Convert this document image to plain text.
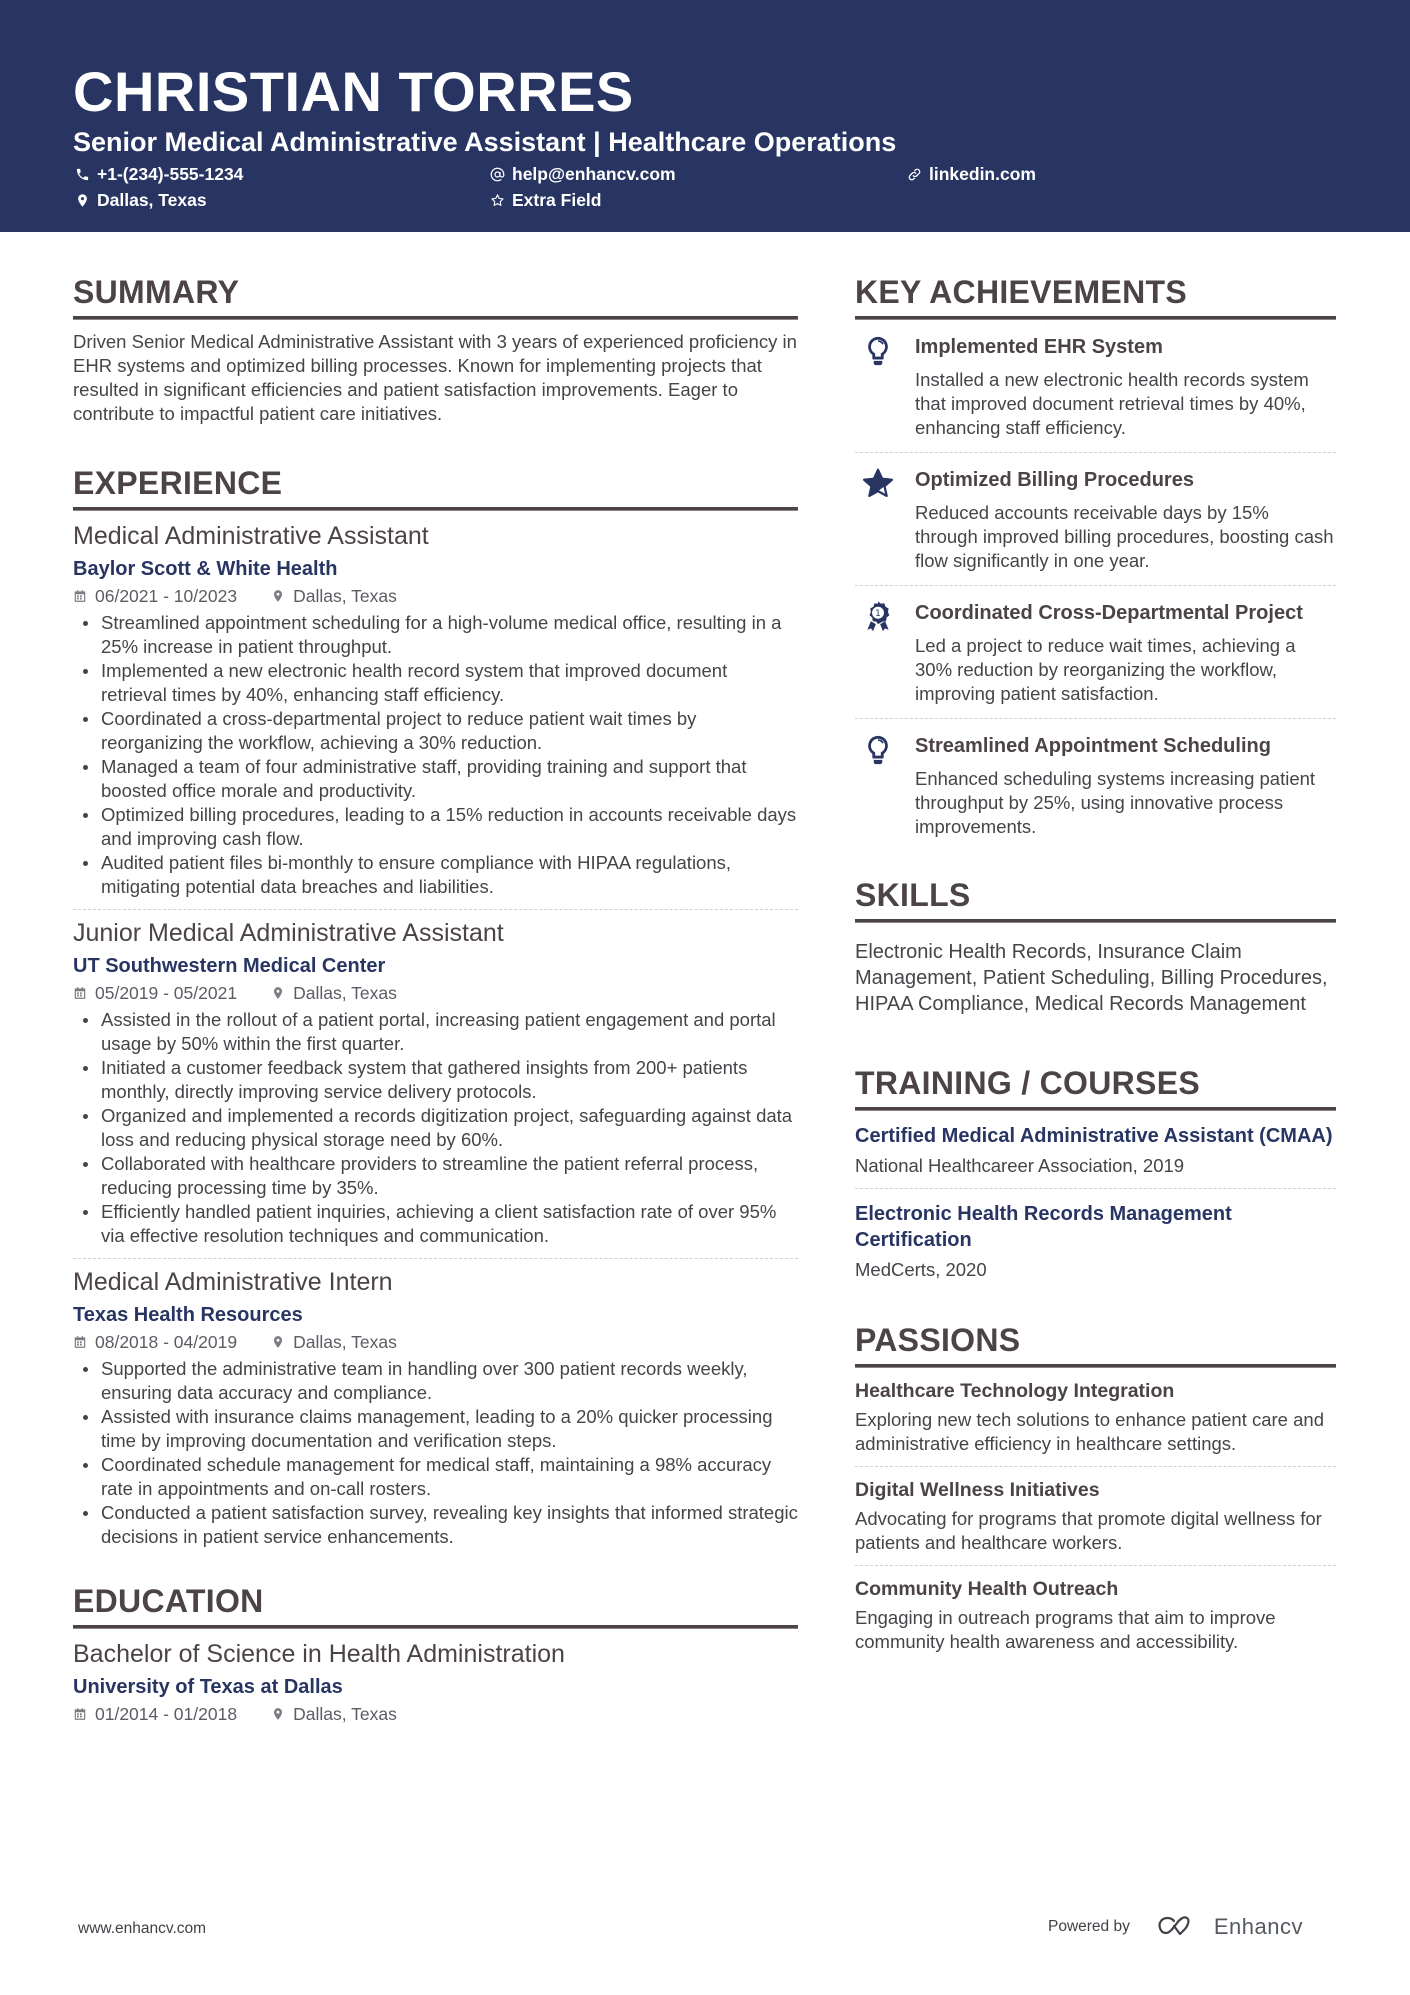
CHRISTIAN TORRES
Senior Medical Administrative Assistant | Healthcare Operations
+1-(234)-555-1234	help@enhancv.com	linkedin.com
Dallas, Texas	Extra Field
SUMMARY

Driven Senior Medical Administrative Assistant with 3 years of experienced proficiency in EHR systems and optimized billing processes. Known for implementing projects that resulted in significant efficiencies and patient satisfaction improvements. Eager to contribute to impactful patient care initiatives.

EXPERIENCE
Medical Administrative Assistant
Baylor Scott & White Health
06/2021 - 10/2023	Dallas, Texas
Streamlined appointment scheduling for a high-volume medical office, resulting in a 25% increase in patient throughput.
Implemented a new electronic health record system that improved document retrieval times by 40%, enhancing staff efficiency.
Coordinated a cross-departmental project to reduce patient wait times by reorganizing the workflow, achieving a 30% reduction.
Managed a team of four administrative staff, providing training and support that boosted office morale and productivity.
Optimized billing procedures, leading to a 15% reduction in accounts receivable days and improving cash flow.
Audited patient files bi-monthly to ensure compliance with HIPAA regulations, mitigating potential data breaches and liabilities.
Junior Medical Administrative Assistant
UT Southwestern Medical Center
05/2019 - 05/2021	Dallas, Texas
Assisted in the rollout of a patient portal, increasing patient engagement and portal usage by 50% within the first quarter.
Initiated a customer feedback system that gathered insights from 200+ patients monthly, directly improving service delivery protocols.
Organized and implemented a records digitization project, safeguarding against data loss and reducing physical storage need by 60%.
Collaborated with healthcare providers to streamline the patient referral process, reducing processing time by 35%.
Efficiently handled patient inquiries, achieving a client satisfaction rate of over 95% via effective resolution techniques and communication.
Medical Administrative Intern
Texas Health Resources
08/2018 - 04/2019	Dallas, Texas
Supported the administrative team in handling over 300 patient records weekly, ensuring data accuracy and compliance.
Assisted with insurance claims management, leading to a 20% quicker processing time by improving documentation and verification steps.
Coordinated schedule management for medical staff, maintaining a 98% accuracy rate in appointments and on-call rosters.
Conducted a patient satisfaction survey, revealing key insights that informed strategic decisions in patient service enhancements.
EDUCATION
Bachelor of Science in Health Administration
University of Texas at Dallas
01/2014 - 01/2018	Dallas, Texas
KEY ACHIEVEMENTS
Implemented EHR System
Installed a new electronic health records system that improved document retrieval times by 40%, enhancing staff efficiency.
Optimized Billing Procedures
Reduced accounts receivable days by 15% through improved billing procedures, boosting cash flow significantly in one year.
1 Coordinated Cross-Departmental Project
Led a project to reduce wait times, achieving a 30% reduction by reorganizing the workflow, improving patient satisfaction.
Streamlined Appointment Scheduling
Enhanced scheduling systems increasing patient throughput by 25%, using innovative process improvements.
SKILLS

Electronic Health Records, Insurance Claim Management, Patient Scheduling, Billing Procedures, HIPAA Compliance, Medical Records Management

TRAINING / COURSES
Certified Medical Administrative Assistant (CMAA)
National Healthcareer Association, 2019
Electronic Health Records Management Certification
MedCerts, 2020
PASSIONS
Healthcare Technology Integration
Exploring new tech solutions to enhance patient care and administrative efficiency in healthcare settings.
Digital Wellness Initiatives
Advocating for programs that promote digital wellness for patients and healthcare workers.
Community Health Outreach
Engaging in outreach programs that aim to improve community health awareness and accessibility.
www.enhancv.com	Powered by	Enhancv
